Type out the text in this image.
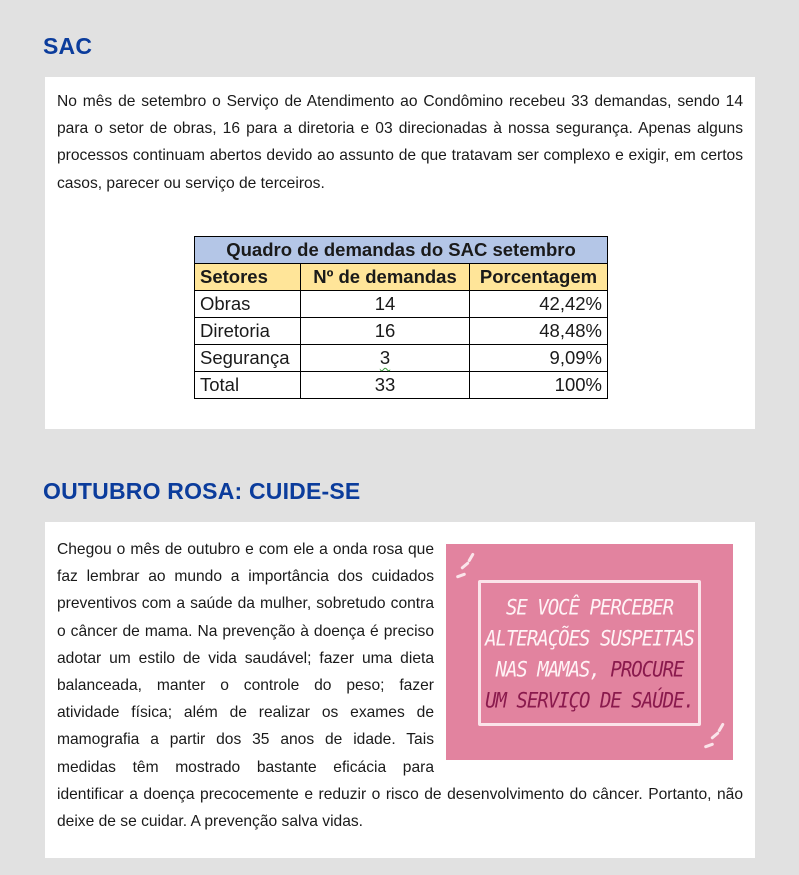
SAC

No mês de setembro o Serviço de Atendimento ao Condômino recebeu 33 demandas, sendo 14 para o setor de obras, 16 para a diretoria e 03 direcionadas à nossa segurança. Apenas alguns processos continuam abertos devido ao assunto de que tratavam ser complexo e exigir, em certos casos, parecer ou serviço de terceiros.

Quadro de demandas do SAC setembro		
Setores	Nº de demandas	Porcentagem
Obras	14	42,42%
Diretoria	16	48,48%
Segurança	3	9,09%
Total	33	100%
OUTUBRO ROSA: CUIDE-SE
SE VOCÊ PERCEBER
ALTERAÇÕES SUSPEITAS
NAS MAMAS, PROCURE
UM SERVIÇO DE SAÚDE.

Chegou o mês de outubro e com ele a onda rosa que faz lembrar ao mundo a importância dos cuidados preventivos com a saúde da mulher, sobretudo contra o câncer de mama. Na prevenção à doença é preciso adotar um estilo de vida saudável; fazer uma dieta balanceada, manter o controle do peso; fazer atividade física; além de realizar os exames de mamografia a partir dos 35 anos de idade. Tais medidas têm mostrado bastante eficácia para identificar a doença precocemente e reduzir o risco de desenvolvimento do câncer. Portanto, não deixe de se cuidar. A prevenção salva vidas.
